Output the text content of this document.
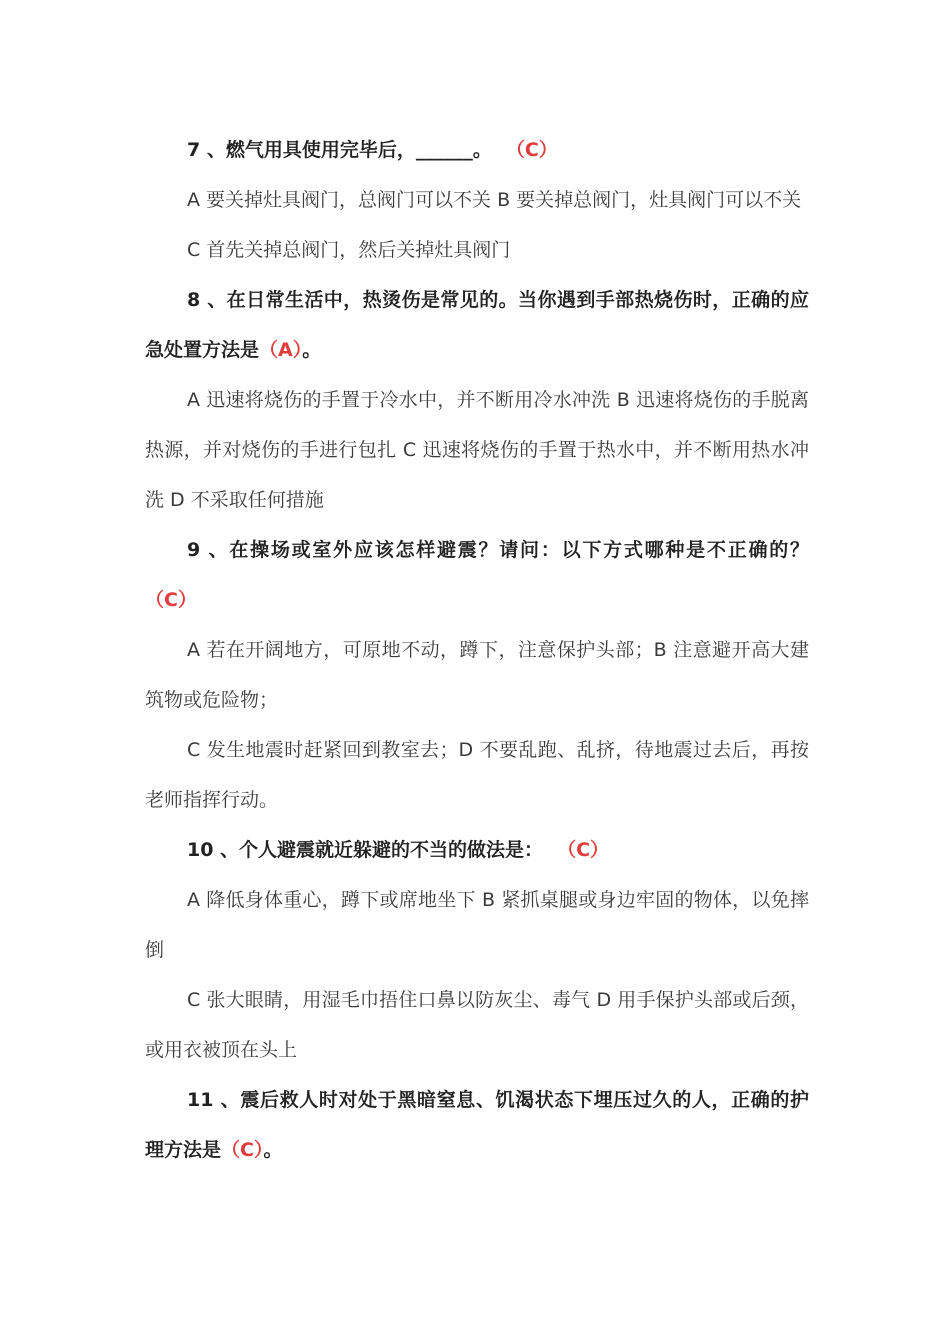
7 、燃气用具使用完毕后，______。 （C）

A 要关掉灶具阀门，总阀门可以不关 B 要关掉总阀门，灶具阀门可以不关

C 首先关掉总阀门，然后关掉灶具阀门

8 、在日常生活中，热烫伤是常见的。当你遇到手部热烧伤时，正确的应急处置方法是（A）。

A 迅速将烧伤的手置于冷水中，并不断用冷水冲洗 B 迅速将烧伤的手脱离热源，并对烧伤的手进行包扎 C 迅速将烧伤的手置于热水中，并不断用热水冲洗 D 不采取任何措施

9 、在操场或室外应该怎样避震？请问：以下方式哪种是不正确的？（C）

A 若在开阔地方，可原地不动，蹲下，注意保护头部；B 注意避开高大建筑物或危险物；

C 发生地震时赶紧回到教室去；D 不要乱跑、乱挤，待地震过去后，再按老师指挥行动。

10 、个人避震就近躲避的不当的做法是： （C）

A 降低身体重心，蹲下或席地坐下 B 紧抓桌腿或身边牢固的物体，以免摔倒

C 张大眼睛，用湿毛巾捂住口鼻以防灰尘、毒气 D 用手保护头部或后颈，或用衣被顶在头上

11 、震后救人时对处于黑暗窒息、饥渴状态下埋压过久的人，正确的护理方法是（C）。
